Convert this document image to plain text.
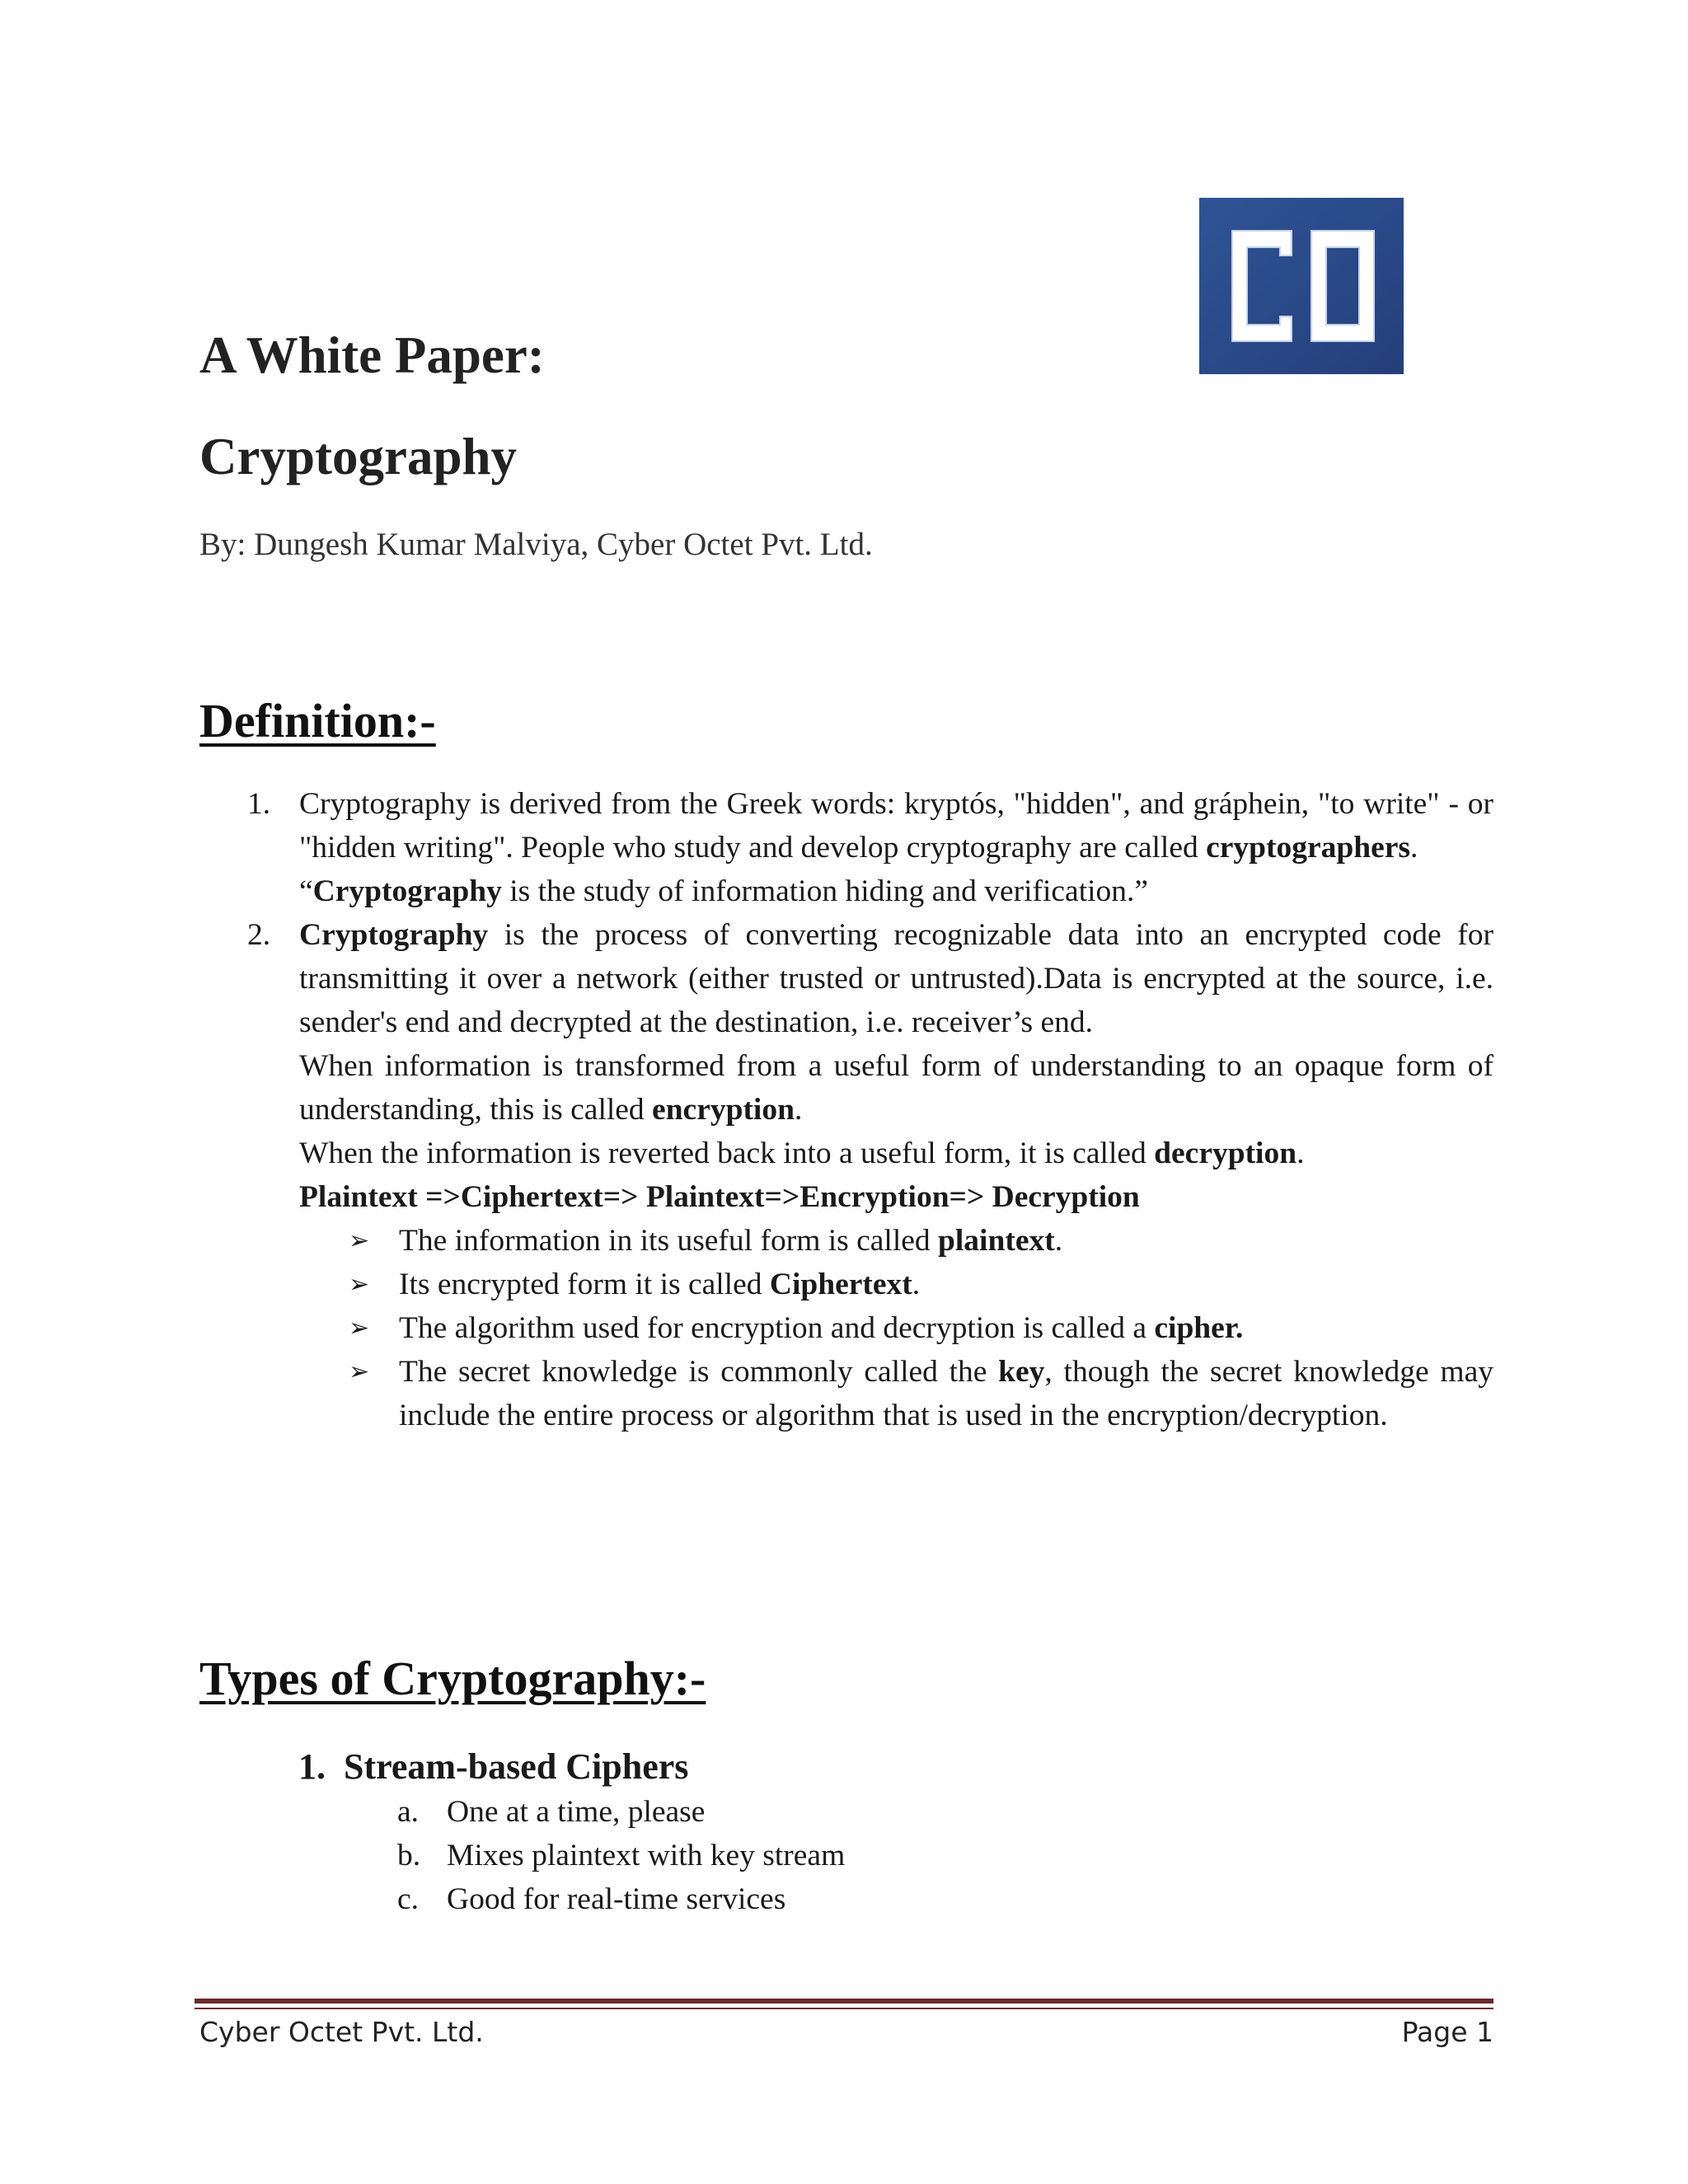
A White Paper:
Cryptography

By: Dungesh Kumar Malviya, Cyber Octet Pvt. Ltd.

Definition:-
1. Cryptography is derived from the Greek words: kryptós, "hidden", and gráphein, "to write" - or "hidden writing". People who study and develop cryptography are called cryptographers.
“Cryptography is the study of information hiding and verification.”
2. Cryptography is the process of converting recognizable data into an encrypted code for transmitting it over a network (either trusted or untrusted).Data is encrypted at the source, i.e. sender's end and decrypted at the destination, i.e. receiver’s end.
When information is transformed from a useful form of understanding to an opaque form of understanding, this is called encryption.
When the information is reverted back into a useful form, it is called decryption.
Plaintext =>Ciphertext=> Plaintext=>Encryption=> Decryption
➢ The information in its useful form is called plaintext.
➢ Its encrypted form it is called Ciphertext.
➢ The algorithm used for encryption and decryption is called a cipher.
➢ The secret knowledge is commonly called the key, though the secret knowledge may include the entire process or algorithm that is used in the encryption/decryption.
Types of Cryptography:-

1. Stream-based Ciphers

a. One at a time, please
b. Mixes plaintext with key stream
c. Good for real-time services
Cyber Octet Pvt. Ltd.	Page 1
